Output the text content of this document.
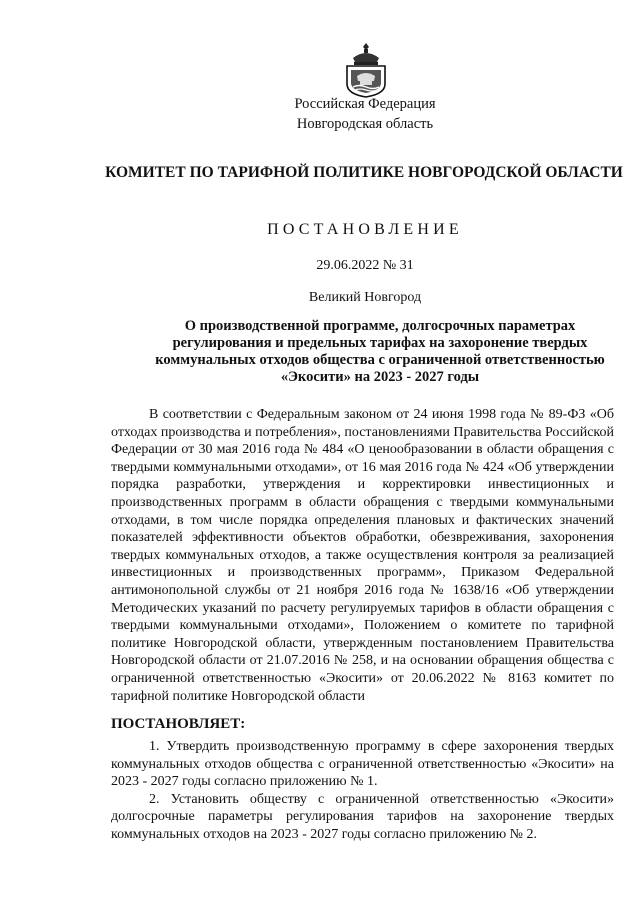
Российская Федерация
Новгородская область
КОМИТЕТ ПО ТАРИФНОЙ ПОЛИТИКЕ НОВГОРОДСКОЙ ОБЛАСТИ
ПОСТАНОВЛЕНИЕ
29.06.2022 № 31
Великий Новгород
О производственной программе, долгосрочных параметрах регулирования и предельных тарифах на захоронение твердых коммунальных отходов общества с ограниченной ответственностью «Экосити» на 2023 - 2027 годы

В соответствии с Федеральным законом от 24 июня 1998 года № 89-ФЗ «Об отходах производства и потребления», постановлениями Правительства Российской Федерации от 30 мая 2016 года № 484 «О ценообразовании в области обращения с твердыми коммунальными отходами», от 16 мая 2016 года № 424 «Об утверждении порядка разработки, утверждения и корректировки инвестиционных и производственных программ в области обращения с твердыми коммунальными отходами, в том числе порядка определения плановых и фактических значений показателей эффективности объектов обработки, обезвреживания, захоронения твердых коммунальных отходов, а также осуществления контроля за реализацией инвестиционных и производственных программ», Приказом Федеральной антимонопольной службы от 21 ноября 2016 года № 1638/16 «Об утверждении Методических указаний по расчету регулируемых тарифов в области обращения с твердыми коммунальными отходами», Положением о комитете по тарифной политике Новгородской области, утвержденным постановлением Правительства Новгородской области от 21.07.2016 № 258, и на основании обращения общества с ограниченной ответственностью «Экосити» от 20.06.2022 № 8163 комитет по тарифной политике Новгородской области

ПОСТАНОВЛЯЕТ:

1. Утвердить производственную программу в сфере захоронения твердых коммунальных отходов общества с ограниченной ответственностью «Экосити» на 2023 - 2027 годы согласно приложению № 1.

2. Установить обществу с ограниченной ответственностью «Экосити» долгосрочные параметры регулирования тарифов на захоронение твердых коммунальных отходов на 2023 - 2027 годы согласно приложению № 2.
